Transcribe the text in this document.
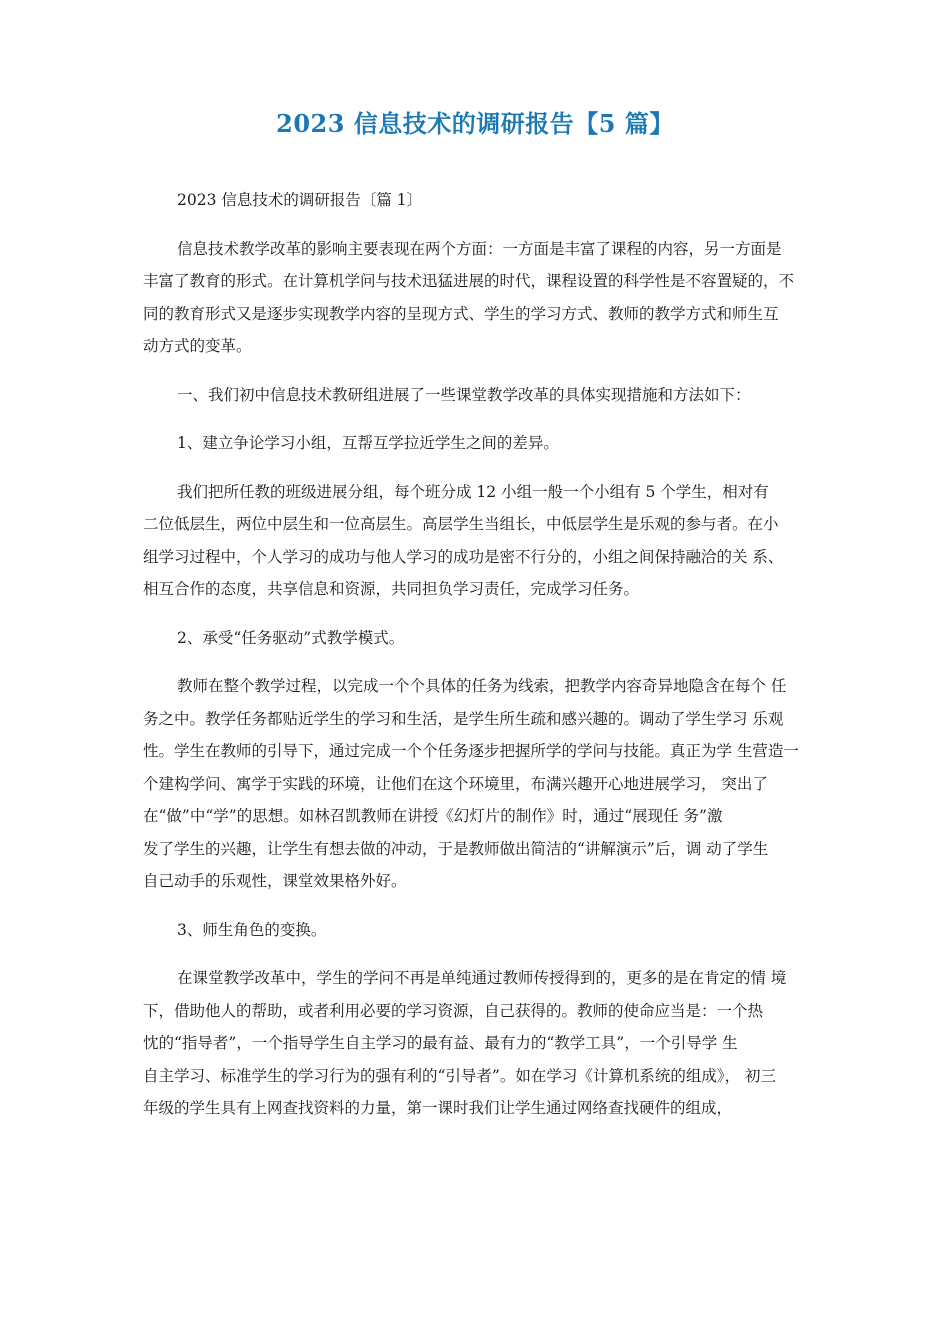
2023 信息技术的调研报告【5 篇】
2023 信息技术的调研报告〔篇 1〕
信息技术教学改革的影响主要表现在两个方面：一方面是丰富了课程的内容，另一方面是
丰富了教育的形式。在计算机学问与技术迅猛进展的时代，课程设置的科学性是不容置疑的，不
同的教育形式又是逐步实现教学内容的呈现方式、学生的学习方式、教师的教学方式和师生互
动方式的变革。
一、我们初中信息技术教研组进展了一些课堂教学改革的具体实现措施和方法如下：
1、建立争论学习小组，互帮互学拉近学生之间的差异。
我们把所任教的班级进展分组，每个班分成 12 小组一般一个小组有 5 个学生，相对有
二位低层生，两位中层生和一位高层生。高层学生当组长，中低层学生是乐观的参与者。在小
组学习过程中，个人学习的成功与他人学习的成功是密不行分的，小组之间保持融洽的关 系、
相互合作的态度，共享信息和资源，共同担负学习责任，完成学习任务。
2、承受“任务驱动”式教学模式。
教师在整个教学过程，以完成一个个具体的任务为线索，把教学内容奇异地隐含在每个 任
务之中。教学任务都贴近学生的学习和生活，是学生所生疏和感兴趣的。调动了学生学习 乐观
性。学生在教师的引导下，通过完成一个个任务逐步把握所学的学问与技能。真正为学 生营造一
个建构学问、寓学于实践的环境，让他们在这个环境里，布满兴趣开心地进展学习， 突出了
在“做”中“学”的思想。如林召凯教师在讲授《幻灯片的制作》时，通过“展现任 务”激
发了学生的兴趣，让学生有想去做的冲动，于是教师做出简洁的“讲解演示”后，调 动了学生
自己动手的乐观性，课堂效果格外好。
3、师生角色的变换。
在课堂教学改革中，学生的学问不再是单纯通过教师传授得到的，更多的是在肯定的情 境
下，借助他人的帮助，或者利用必要的学习资源，自己获得的。教师的使命应当是：一个热
忱的“指导者”，一个指导学生自主学习的最有益、最有力的“教学工具”，一个引导学 生
自主学习、标准学生的学习行为的强有利的“引导者”。如在学习《计算机系统的组成》， 初三
年级的学生具有上网查找资料的力量，第一课时我们让学生通过网络查找硬件的组成，
